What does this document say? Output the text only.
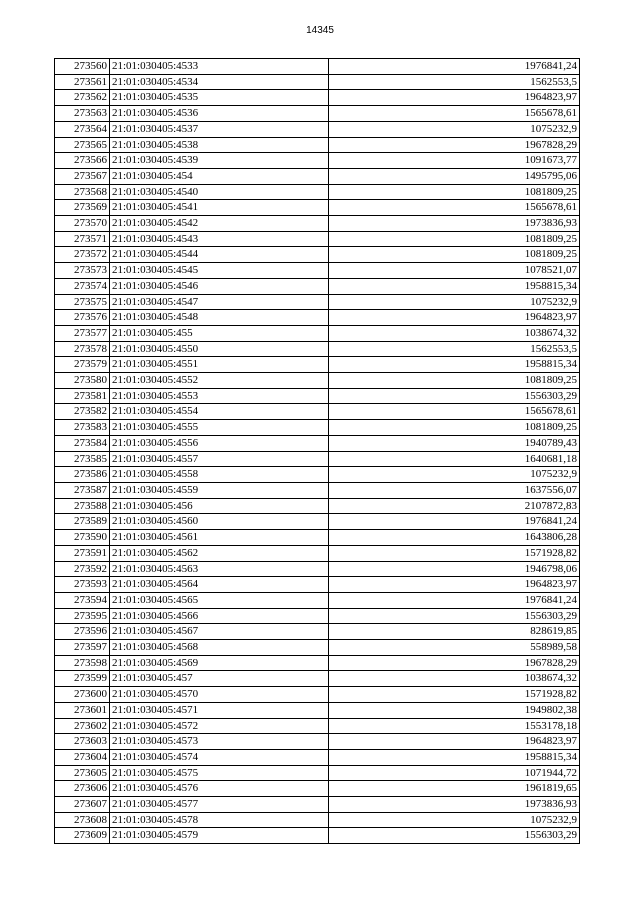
14345
273560	21:01:030405:4533	1976841,24
273561	21:01:030405:4534	1562553,5
273562	21:01:030405:4535	1964823,97
273563	21:01:030405:4536	1565678,61
273564	21:01:030405:4537	1075232,9
273565	21:01:030405:4538	1967828,29
273566	21:01:030405:4539	1091673,77
273567	21:01:030405:454	1495795,06
273568	21:01:030405:4540	1081809,25
273569	21:01:030405:4541	1565678,61
273570	21:01:030405:4542	1973836,93
273571	21:01:030405:4543	1081809,25
273572	21:01:030405:4544	1081809,25
273573	21:01:030405:4545	1078521,07
273574	21:01:030405:4546	1958815,34
273575	21:01:030405:4547	1075232,9
273576	21:01:030405:4548	1964823,97
273577	21:01:030405:455	1038674,32
273578	21:01:030405:4550	1562553,5
273579	21:01:030405:4551	1958815,34
273580	21:01:030405:4552	1081809,25
273581	21:01:030405:4553	1556303,29
273582	21:01:030405:4554	1565678,61
273583	21:01:030405:4555	1081809,25
273584	21:01:030405:4556	1940789,43
273585	21:01:030405:4557	1640681,18
273586	21:01:030405:4558	1075232,9
273587	21:01:030405:4559	1637556,07
273588	21:01:030405:456	2107872,83
273589	21:01:030405:4560	1976841,24
273590	21:01:030405:4561	1643806,28
273591	21:01:030405:4562	1571928,82
273592	21:01:030405:4563	1946798,06
273593	21:01:030405:4564	1964823,97
273594	21:01:030405:4565	1976841,24
273595	21:01:030405:4566	1556303,29
273596	21:01:030405:4567	828619,85
273597	21:01:030405:4568	558989,58
273598	21:01:030405:4569	1967828,29
273599	21:01:030405:457	1038674,32
273600	21:01:030405:4570	1571928,82
273601	21:01:030405:4571	1949802,38
273602	21:01:030405:4572	1553178,18
273603	21:01:030405:4573	1964823,97
273604	21:01:030405:4574	1958815,34
273605	21:01:030405:4575	1071944,72
273606	21:01:030405:4576	1961819,65
273607	21:01:030405:4577	1973836,93
273608	21:01:030405:4578	1075232,9
273609	21:01:030405:4579	1556303,29
